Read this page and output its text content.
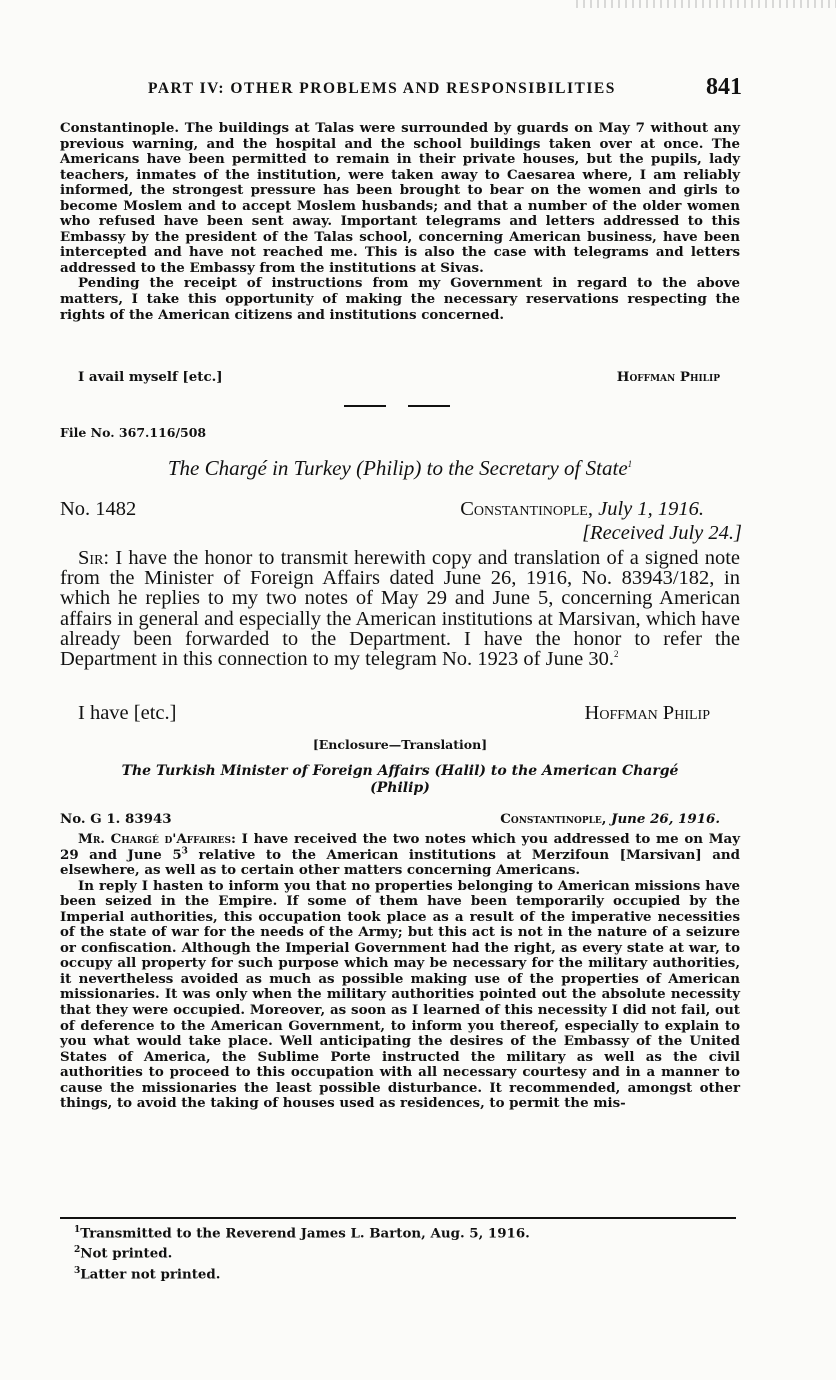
PART IV: OTHER PROBLEMS AND RESPONSIBILITIES	841

Constantinople. The buildings at Talas were surrounded by guards on May 7 without any previous warning, and the hospital and the school buildings taken over at once. The Americans have been permitted to remain in their private houses, but the pupils, lady teachers, inmates of the institution, were taken away to Caesarea where, I am reliably informed, the strongest pressure has been brought to bear on the women and girls to become Moslem and to accept Moslem husbands; and that a number of the older women who refused have been sent away. Important telegrams and letters addressed to this Embassy by the president of the Talas school, concerning American business, have been intercepted and have not reached me. This is also the case with telegrams and letters addressed to the Embassy from the institutions at Sivas.

Pending the receipt of instructions from my Government in regard to the above matters, I take this opportunity of making the necessary reservations respecting the rights of the American citizens and institutions concerned.

I avail myself [etc.]	Hoffman Philip
File No. 367.116/508
The Chargé in Turkey (Philip) to the Secretary of State$^1$
No. 1482	Constantinople, July 1, 1916.
[Received July 24.]

Sir: I have the honor to transmit herewith copy and translation of a signed note from the Minister of Foreign Affairs dated June 26, 1916, No. 83943/182, in which he replies to my two notes of May 29 and June 5, concerning American affairs in general and especially the American institutions at Marsivan, which have already been forwarded to the Department. I have the honor to refer the Department in this connection to my telegram No. 1923 of June 30.$^2$

I have [etc.]	Hoffman Philip
[Enclosure—Translation]
The Turkish Minister of Foreign Affairs (Halil) to the American Chargé
(Philip)
No. G 1. 83943	Constantinople, June 26, 1916.

Mr. Chargé d'Affaires: I have received the two notes which you addressed to me on May 29 and June $5^3$ relative to the American institutions at Merzifoun [Marsivan] and elsewhere, as well as to certain other matters concerning Americans.

In reply I hasten to inform you that no properties belonging to American missions have been seized in the Empire. If some of them have been temporarily occupied by the Imperial authorities, this occupation took place as a result of the imperative necessities of the state of war for the needs of the Army; but this act is not in the nature of a seizure or confiscation. Although the Imperial Government had the right, as every state at war, to occupy all property for such purpose which may be necessary for the military authorities, it nevertheless avoided as much as possible making use of the properties of American missionaries. It was only when the military authorities pointed out the absolute necessity that they were occupied. Moreover, as soon as I learned of this necessity I did not fail, out of deference to the American Government, to inform you thereof, especially to explain to you what would take place. Well anticipating the desires of the Embassy of the United States of America, the Sublime Porte instructed the military as well as the civil authorities to proceed to this occupation with all necessary courtesy and in a manner to cause the missionaries the least possible disturbance. It recommended, amongst other things, to avoid the taking of houses used as residences, to permit the mis-

$^1$Transmitted to the Reverend James L. Barton, Aug. 5, 1916.
$^2$Not printed.
$^3$Latter not printed.
